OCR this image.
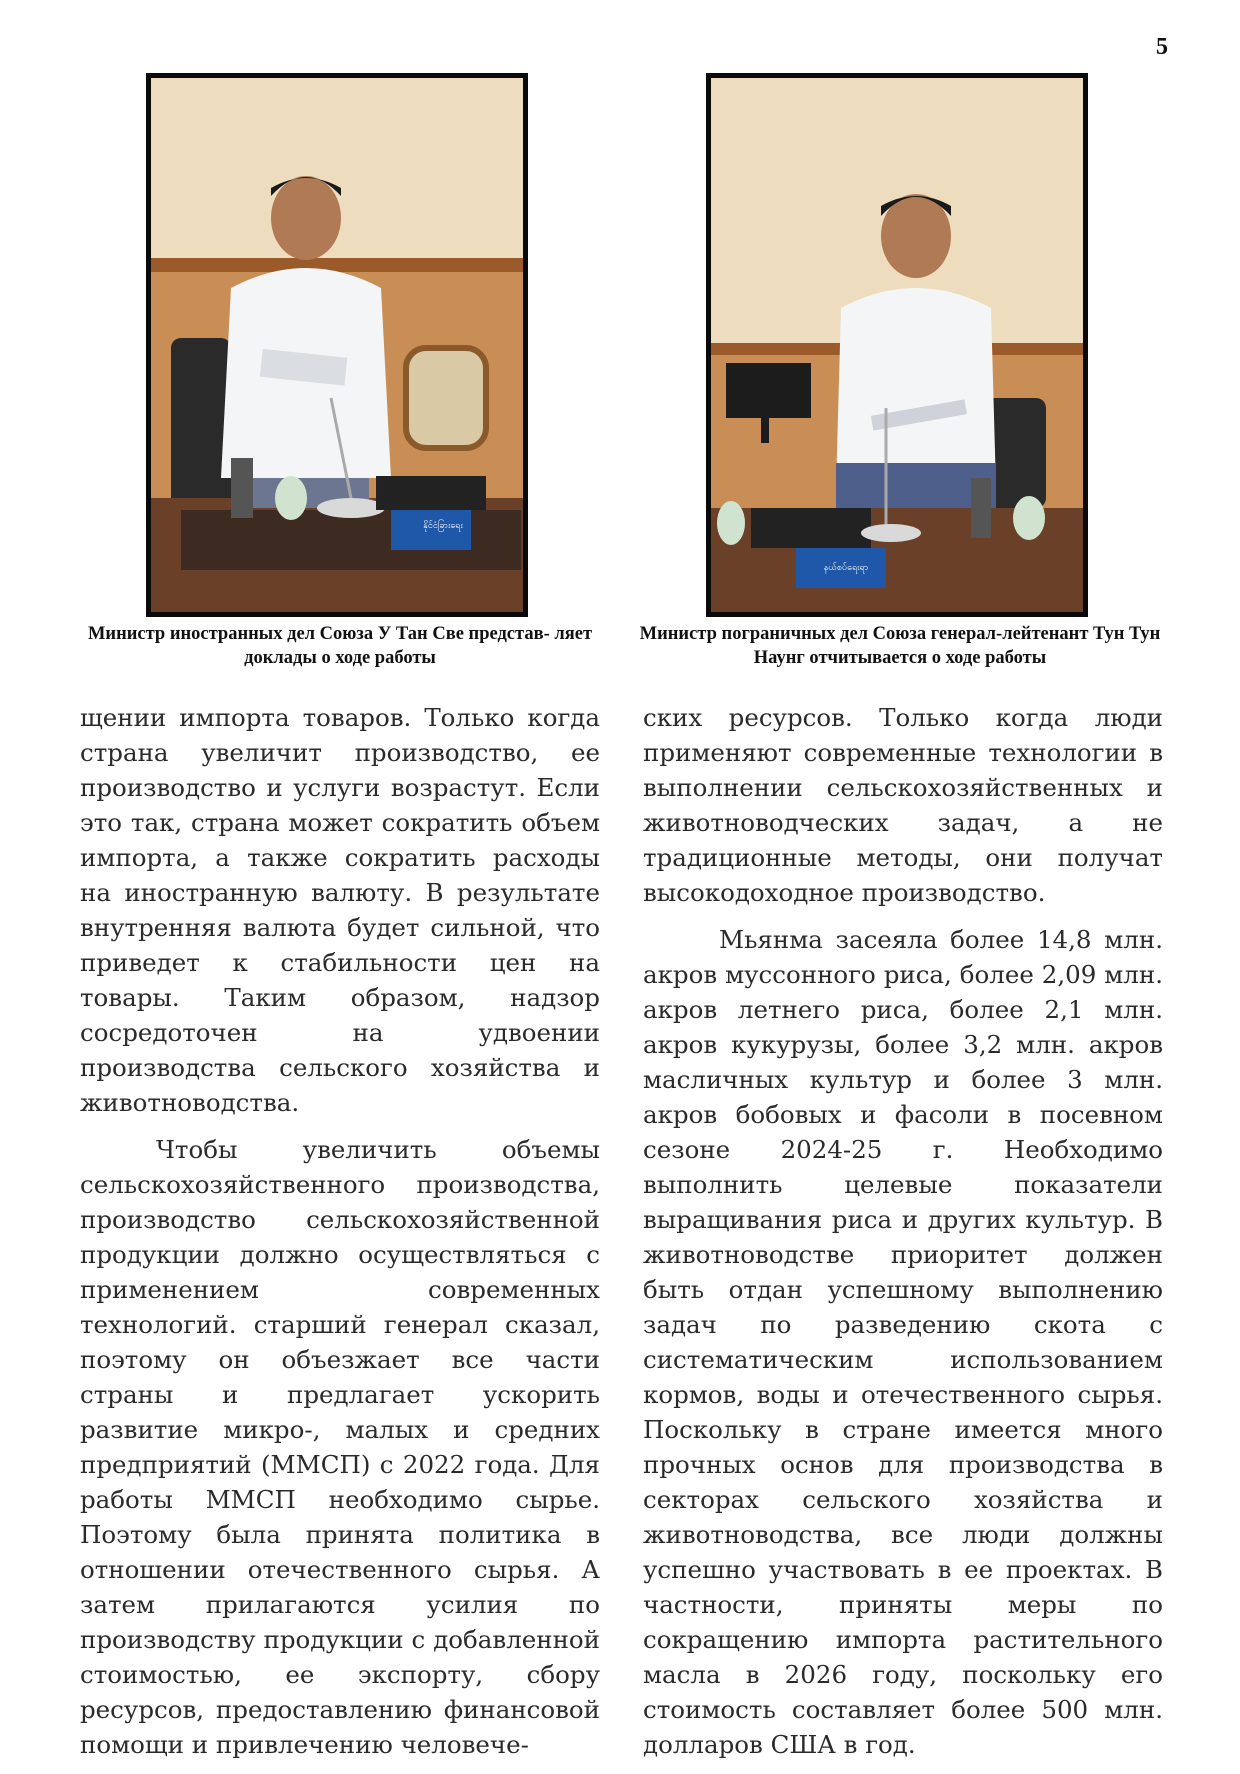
5
နိုင်ငံခြားရေး
Министр иностранных дел Союза У Тан Све представ- ляет доклады о ходе работы
နယ်စပ်ရေးရာ
Министр пограничных дел Союза генерал-лейтенант Тун Тун Наунг отчитывается о ходе работы

щении импорта товаров. Только когда страна увеличит производство, ее производство и услуги возрастут. Если это так, страна может сократить объем импорта, а также сократить расходы на иностранную валюту. В результате внутренняя валюта будет сильной, что приведет к стабильности цен на товары. Таким образом, надзор сосредоточен на удвоении производства сельского хозяйства и животноводства.

Чтобы увеличить объемы сельскохозяйственного производства, производство сельскохозяйственной продукции должно осуществляться с применением современных технологий. старший генерал сказал, поэтому он объезжает все части страны и предлагает ускорить развитие микро-, малых и средних предприятий (ММСП) с 2022 года. Для работы ММСП необходимо сырье. Поэтому была принята политика в отношении отечественного сырья. А затем прилагаются усилия по производству продукции с добавленной стоимостью, ее экспорту, сбору ресурсов, предоставлению финансовой помощи и привлечению человече-

ских ресурсов. Только когда люди применяют современные технологии в выполнении сельскохозяйственных и животноводческих задач, а не традиционные методы, они получат высокодоходное производство.

Мьянма засеяла более 14,8 млн. акров муссонного риса, более 2,09 млн. акров летнего риса, более 2,1 млн. акров кукурузы, более 3,2 млн. акров масличных культур и более 3 млн. акров бобовых и фасоли в посевном сезоне 2024-25 г. Необходимо выполнить целевые показатели выращивания риса и других культур. В животноводстве приоритет должен быть отдан успешному выполнению задач по разведению скота с систематическим использованием кормов, воды и отечественного сырья. Поскольку в стране имеется много прочных основ для производства в секторах сельского хозяйства и животноводства, все люди должны успешно участвовать в ее проектах. В частности, приняты меры по сокращению импорта растительного масла в 2026 году, поскольку его стоимость составляет более 500 млн. долларов США в год.
